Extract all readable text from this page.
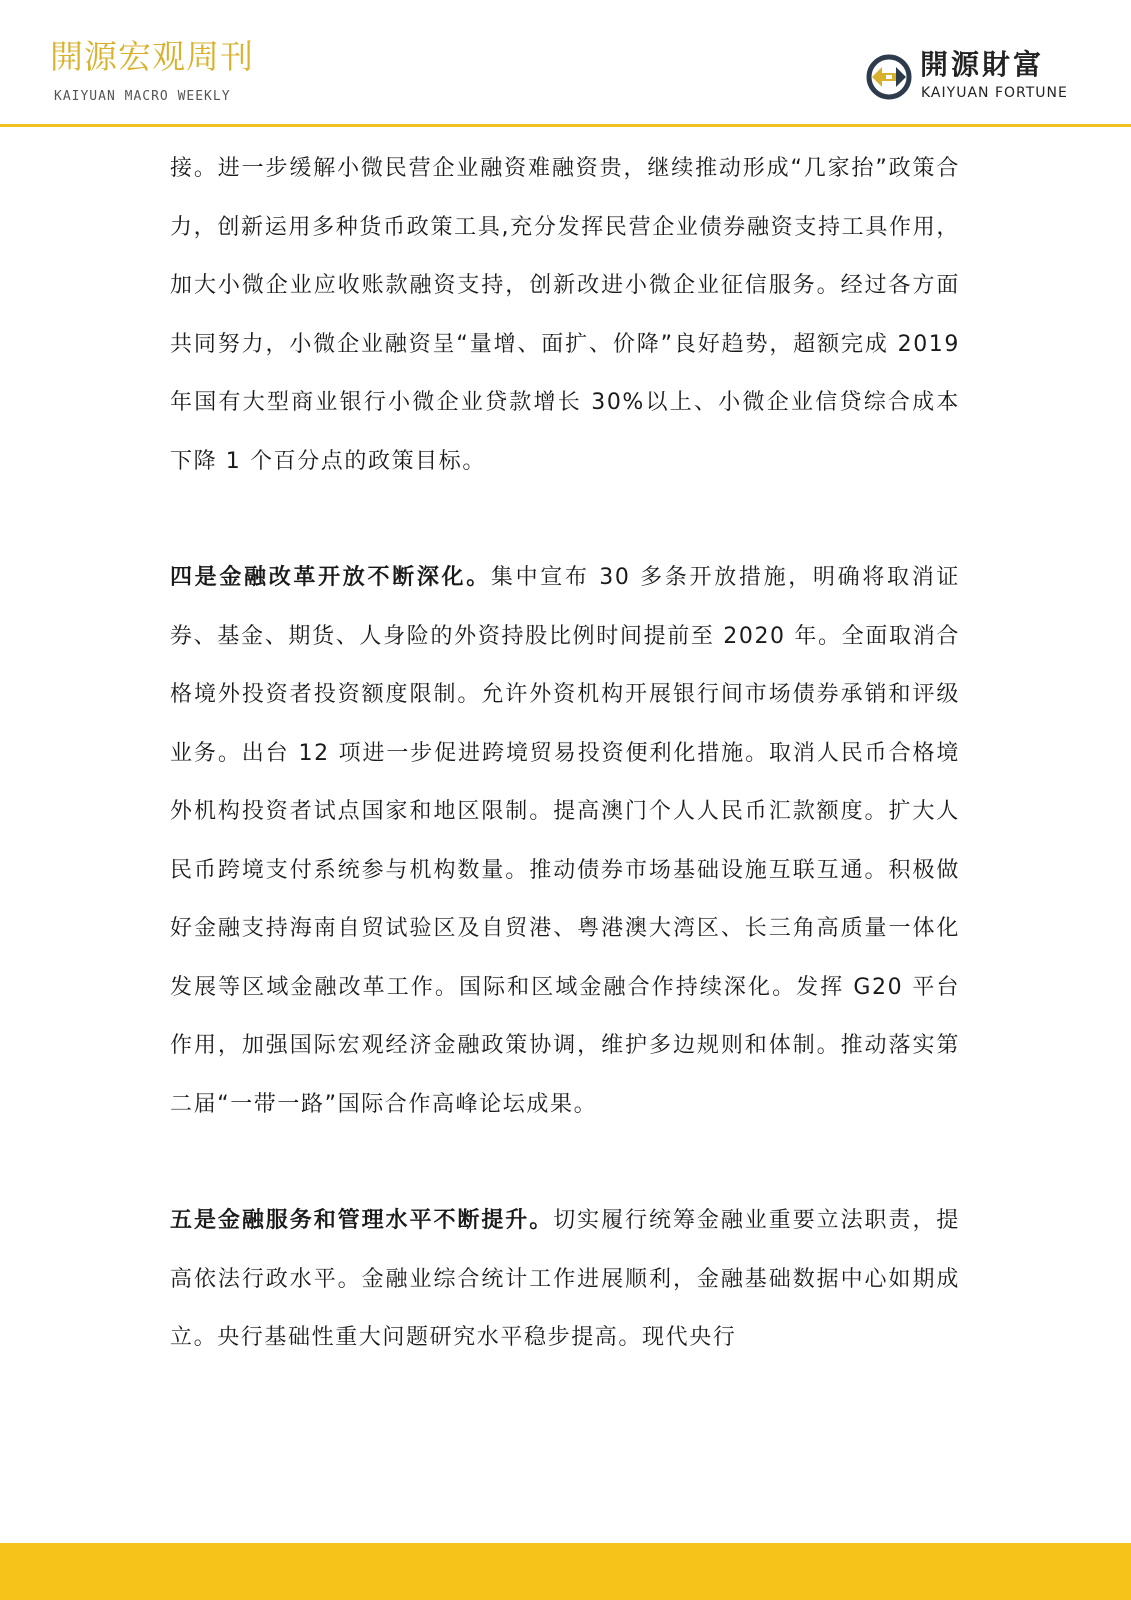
開源宏观周刊
KAIYUAN MACRO WEEKLY
開源財富
KAIYUAN FORTUNE

接。进一步缓解小微民营企业融资难融资贵，继续推动形成“几家抬”政策合力，创新运用多种货币政策工具,充分发挥民营企业债券融资支持工具作用，加大小微企业应收账款融资支持，创新改进小微企业征信服务。经过各方面共同努力，小微企业融资呈“量增、面扩、价降”良好趋势，超额完成 2019 年国有大型商业银行小微企业贷款增长 30%以上、小微企业信贷综合成本下降 1 个百分点的政策目标。

四是金融改革开放不断深化。集中宣布 30 多条开放措施，明确将取消证券、基金、期货、人身险的外资持股比例时间提前至 2020 年。全面取消合格境外投资者投资额度限制。允许外资机构开展银行间市场债券承销和评级业务。出台 12 项进一步促进跨境贸易投资便利化措施。取消人民币合格境外机构投资者试点国家和地区限制。提高澳门个人人民币汇款额度。扩大人民币跨境支付系统参与机构数量。推动债券市场基础设施互联互通。积极做好金融支持海南自贸试验区及自贸港、粤港澳大湾区、长三角高质量一体化发展等区域金融改革工作。国际和区域金融合作持续深化。发挥 G20 平台作用，加强国际宏观经济金融政策协调，维护多边规则和体制。推动落实第二届“一带一路”国际合作高峰论坛成果。

五是金融服务和管理水平不断提升。切实履行统筹金融业重要立法职责，提高依法行政水平。金融业综合统计工作进展顺利，金融基础数据中心如期成立。央行基础性重大问题研究水平稳步提高。现代央行
